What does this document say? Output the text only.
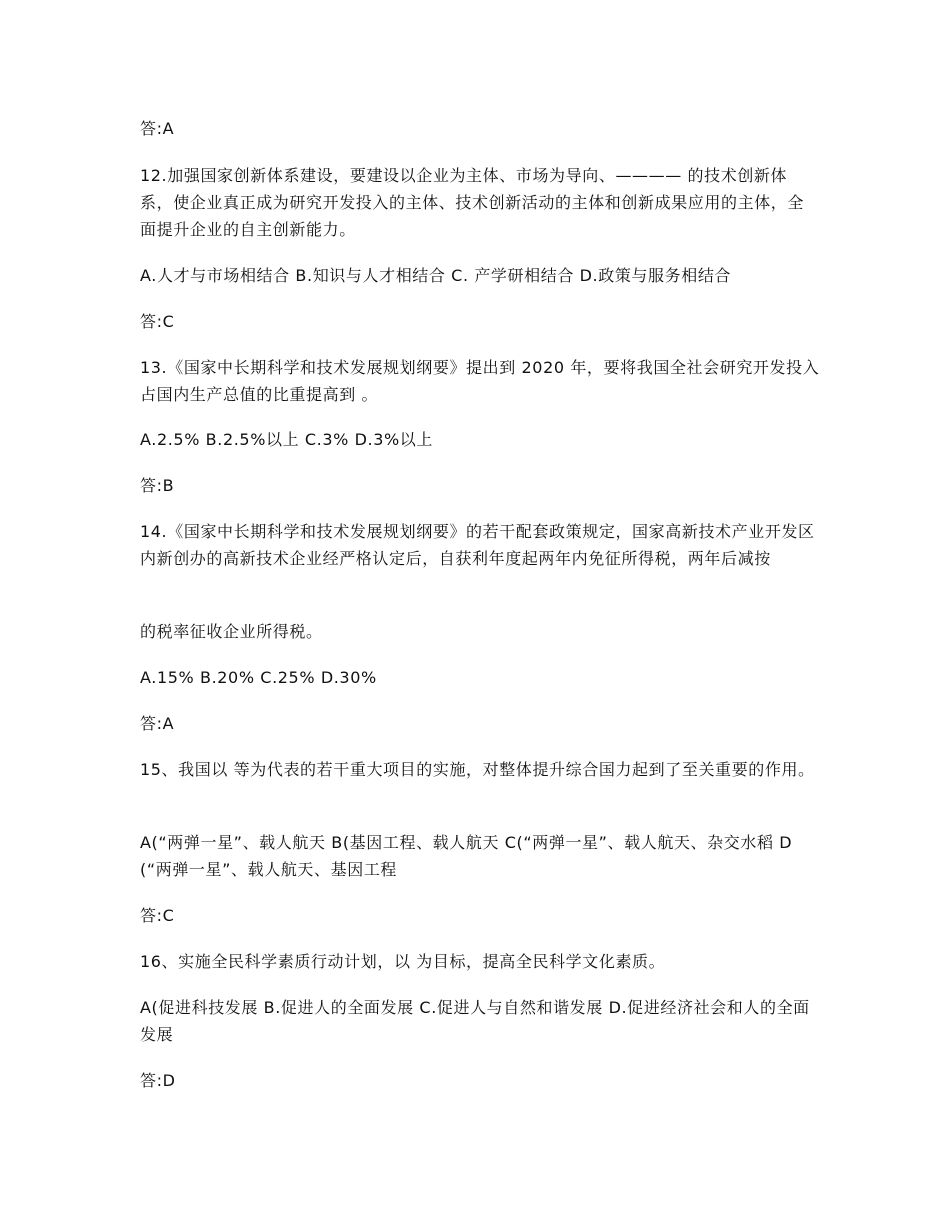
答:A

12.加强国家创新体系建设，要建设以企业为主体、市场为导向、———— 的技术创新体系，使企业真正成为研究开发投入的主体、技术创新活动的主体和创新成果应用的主体，全面提升企业的自主创新能力。

A.人才与市场相结合 B.知识与人才相结合 C. 产学研相结合 D.政策与服务相结合

答:C

13.《国家中长期科学和技术发展规划纲要》提出到 2020 年，要将我国全社会研究开发投入占国内生产总值的比重提高到 。

A.2.5% B.2.5%以上 C.3% D.3%以上

答:B

14.《国家中长期科学和技术发展规划纲要》的若干配套政策规定，国家高新技术产业开发区内新创办的高新技术企业经严格认定后，自获利年度起两年内免征所得税，两年后减按

的税率征收企业所得税。

A.15% B.20% C.25% D.30%

答:A

15、我国以 等为代表的若干重大项目的实施，对整体提升综合国力起到了至关重要的作用。

A(“两弹一星”、载人航天 B(基因工程、载人航天 C(“两弹一星”、载人航天、杂交水稻 D(“两弹一星”、载人航天、基因工程

答:C

16、实施全民科学素质行动计划，以 为目标，提高全民科学文化素质。

A(促进科技发展 B.促进人的全面发展 C.促进人与自然和谐发展 D.促进经济社会和人的全面发展

答:D
